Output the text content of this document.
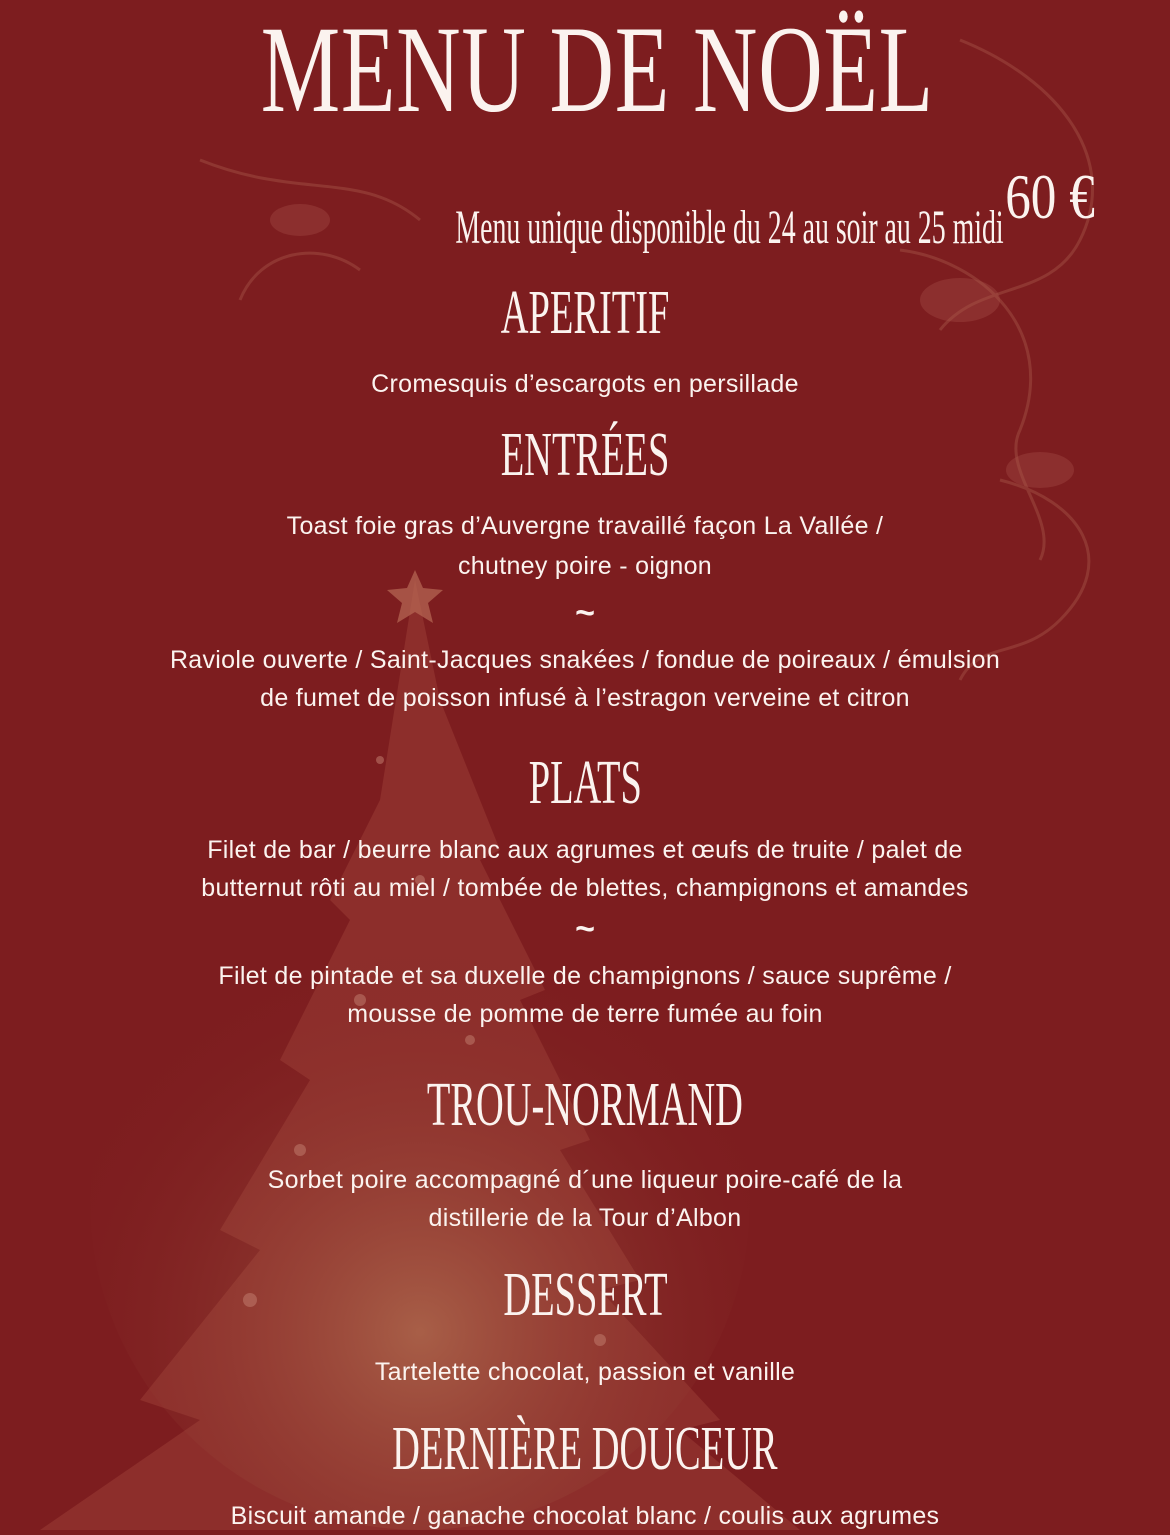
MENU DE NOËL
60 €
Menu unique disponible du 24 au soir au 25 midi
APERITIF
Cromesquis d’escargots en persillade
ENTRÉES
Toast foie gras d’Auvergne travaillé façon La Vallée /
chutney poire - oignon
~
Raviole ouverte / Saint-Jacques snakées / fondue de poireaux / émulsion
de fumet de poisson infusé à l’estragon verveine et citron
PLATS
Filet de bar / beurre blanc aux agrumes et œufs de truite / palet de
butternut rôti au miel / tombée de blettes, champignons et amandes
~
Filet de pintade et sa duxelle de champignons / sauce suprême /
mousse de pomme de terre fumée au foin
TROU-NORMAND
Sorbet poire accompagné d´une liqueur poire-café de la
distillerie de la Tour d’Albon
DESSERT
Tartelette chocolat, passion et vanille
DERNIÈRE DOUCEUR
Biscuit amande / ganache chocolat blanc / coulis aux agrumes
